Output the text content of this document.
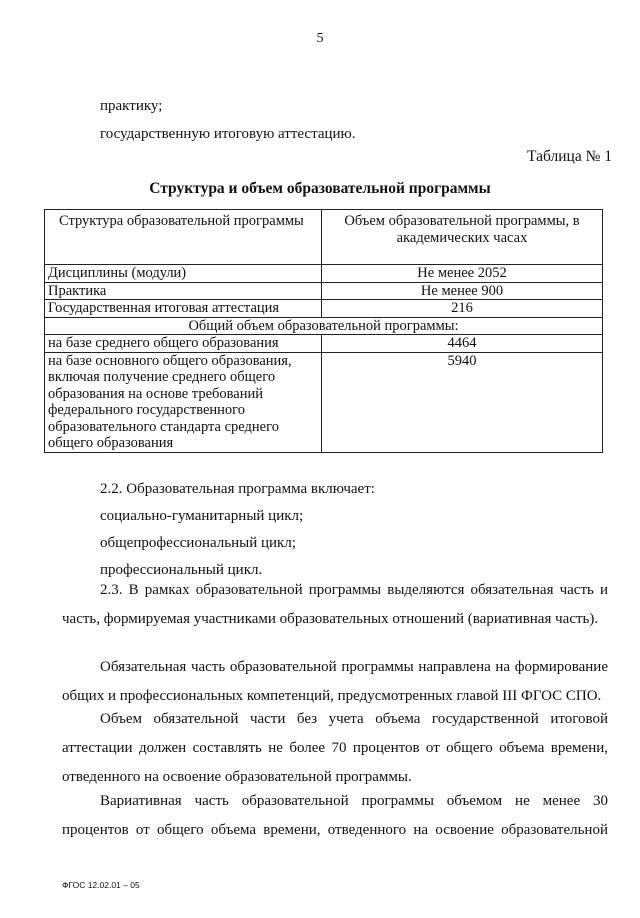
5
практику;
государственную итоговую аттестацию.
Таблица № 1
Структура и объем образовательной программы
Структура образовательной программы	Объем образовательной программы, в академических часах
Дисциплины (модули)	Не менее 2052
Практика	Не менее 900
Государственная итоговая аттестация	216
Общий объем образовательной программы:	
на базе среднего общего образования	4464
на базе основного общего образования, включая получение среднего общего образования на основе требований федерального государственного образовательного стандарта среднего общего образования	5940
2.2. Образовательная программа включает:
социально-гуманитарный цикл;
общепрофессиональный цикл;
профессиональный цикл.
2.3. В рамках образовательной программы выделяются обязательная часть и часть, формируемая участниками образовательных отношений (вариативная часть).
Обязательная часть образовательной программы направлена на формирование общих и профессиональных компетенций, предусмотренных главой III ФГОС СПО.
Объем обязательной части без учета объема государственной итоговой аттестации должен составлять не более 70 процентов от общего объема времени, отведенного на освоение образовательной программы.
Вариативная часть образовательной программы объемом не менее 30 процентов от общего объема времени, отведенного на освоение образовательной
ФГОС 12.02.01 – 05
